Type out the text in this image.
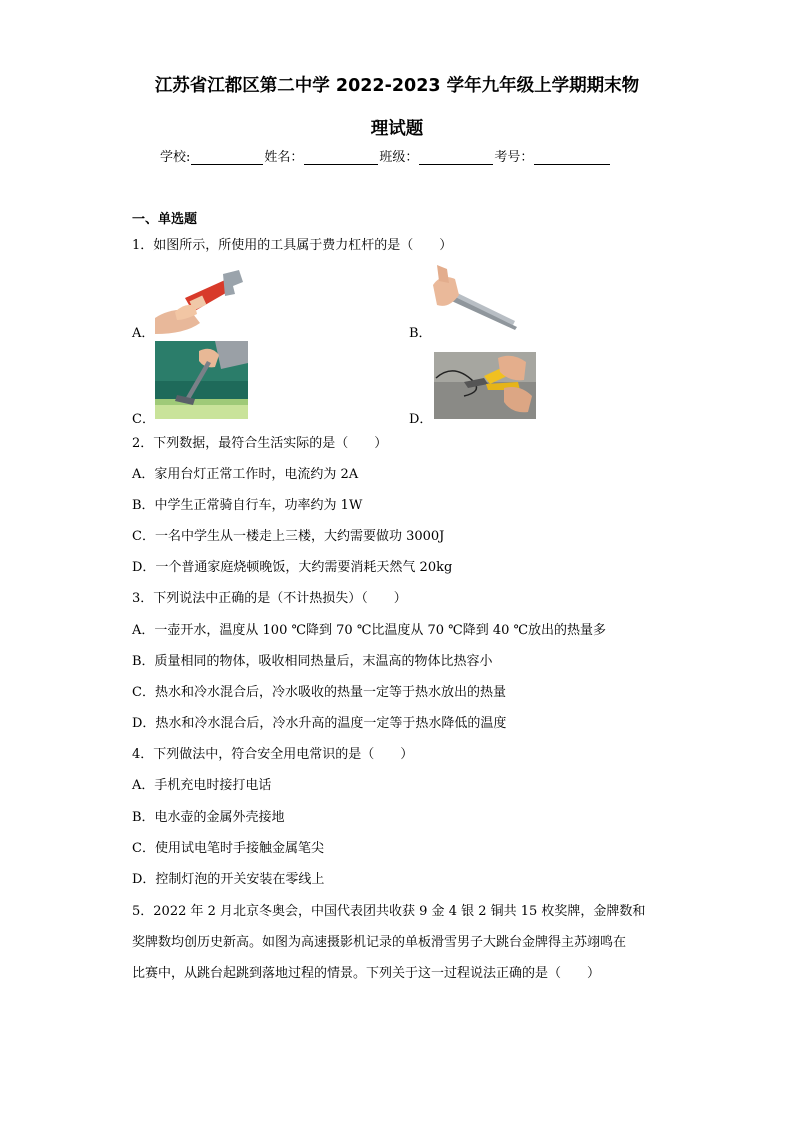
江苏省江都区第二中学 2022-2023 学年九年级上学期期末物
理试题
学校:	姓名：	班级：	考号：
一、单选题
1．如图所示，所使用的工具属于费力杠杆的是（　　）
A．	B．
C．	D．
2．下列数据，最符合生活实际的是（　　）
A．家用台灯正常工作时，电流约为 2A
B．中学生正常骑自行车，功率约为 1W
C．一名中学生从一楼走上三楼，大约需要做功 3000J
D．一个普通家庭烧顿晚饭，大约需要消耗天然气 20kg
3．下列说法中正确的是（不计热损失）（　　）
A．一壶开水，温度从 100 ℃降到 70 ℃比温度从 70 ℃降到 40 ℃放出的热量多
B．质量相同的物体，吸收相同热量后，末温高的物体比热容小
C．热水和冷水混合后，冷水吸收的热量一定等于热水放出的热量
D．热水和冷水混合后，冷水升高的温度一定等于热水降低的温度
4．下列做法中，符合安全用电常识的是（　　）
A．手机充电时接打电话
B．电水壶的金属外壳接地
C．使用试电笔时手接触金属笔尖
D．控制灯泡的开关安装在零线上
5．2022 年 2 月北京冬奥会，中国代表团共收获 9 金 4 银 2 铜共 15 枚奖牌，金牌数和
奖牌数均创历史新高。如图为高速摄影机记录的单板滑雪男子大跳台金牌得主苏翊鸣在
比赛中，从跳台起跳到落地过程的情景。下列关于这一过程说法正确的是（　　）
